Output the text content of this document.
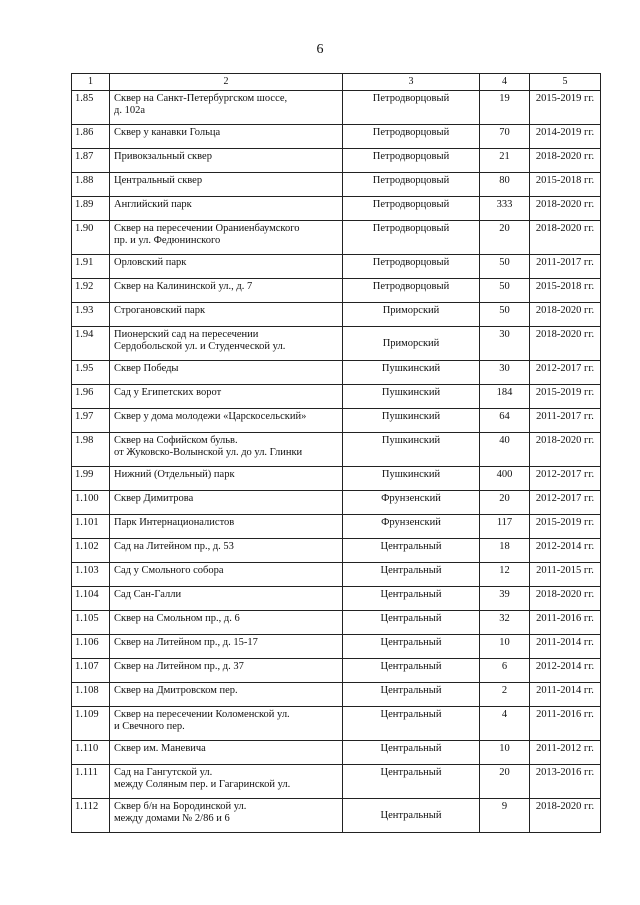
6
1	2	3	4	5
1.85	Сквер на Санкт-Петербургском шоссе,
д. 102а	Петродворцовый	19	2015-2019 гг.
1.86	Сквер у канавки Гольца	Петродворцовый	70	2014-2019 гг.
1.87	Привокзальный сквер	Петродворцовый	21	2018-2020 гг.
1.88	Центральный сквер	Петродворцовый	80	2015-2018 гг.
1.89	Английский парк	Петродворцовый	333	2018-2020 гг.
1.90	Сквер на пересечении Ораниенбаумского
пр. и ул. Федюнинского	Петродворцовый	20	2018-2020 гг.
1.91	Орловский парк	Петродворцовый	50	2011-2017 гг.
1.92	Сквер на Калининской ул., д. 7	Петродворцовый	50	2015-2018 гг.
1.93	Строгановский парк	Приморский	50	2018-2020 гг.
1.94	Пионерский сад на пересечении
Сердобольской ул. и Студенческой ул.	Приморский	30	2018-2020 гг.
1.95	Сквер Победы	Пушкинский	30	2012-2017 гг.
1.96	Сад у Египетских ворот	Пушкинский	184	2015-2019 гг.
1.97	Сквер у дома молодежи «Царскосельский»	Пушкинский	64	2011-2017 гг.
1.98	Сквер на Софийском бульв.
от Жуковско-Волынской ул. до ул. Глинки	Пушкинский	40	2018-2020 гг.
1.99	Нижний (Отдельный) парк	Пушкинский	400	2012-2017 гг.
1.100	Сквер Димитрова	Фрунзенский	20	2012-2017 гг.
1.101	Парк Интернационалистов	Фрунзенский	117	2015-2019 гг.
1.102	Сад на Литейном пр., д. 53	Центральный	18	2012-2014 гг.
1.103	Сад у Смольного собора	Центральный	12	2011-2015 гг.
1.104	Сад Сан-Галли	Центральный	39	2018-2020 гг.
1.105	Сквер на Смольном пр., д. 6	Центральный	32	2011-2016 гг.
1.106	Сквер на Литейном пр., д. 15-17	Центральный	10	2011-2014 гг.
1.107	Сквер на Литейном пр., д. 37	Центральный	6	2012-2014 гг.
1.108	Сквер на Дмитровском пер.	Центральный	2	2011-2014 гг.
1.109	Сквер на пересечении Коломенской ул.
и Свечного пер.	Центральный	4	2011-2016 гг.
1.110	Сквер им. Маневича	Центральный	10	2011-2012 гг.
1.111	Сад на Гангутской ул.
между Соляным пер. и Гагаринской ул.	Центральный	20	2013-2016 гг.
1.112	Сквер б/н на Бородинской ул.
между домами № 2/86 и 6	Центральный	9	2018-2020 гг.
